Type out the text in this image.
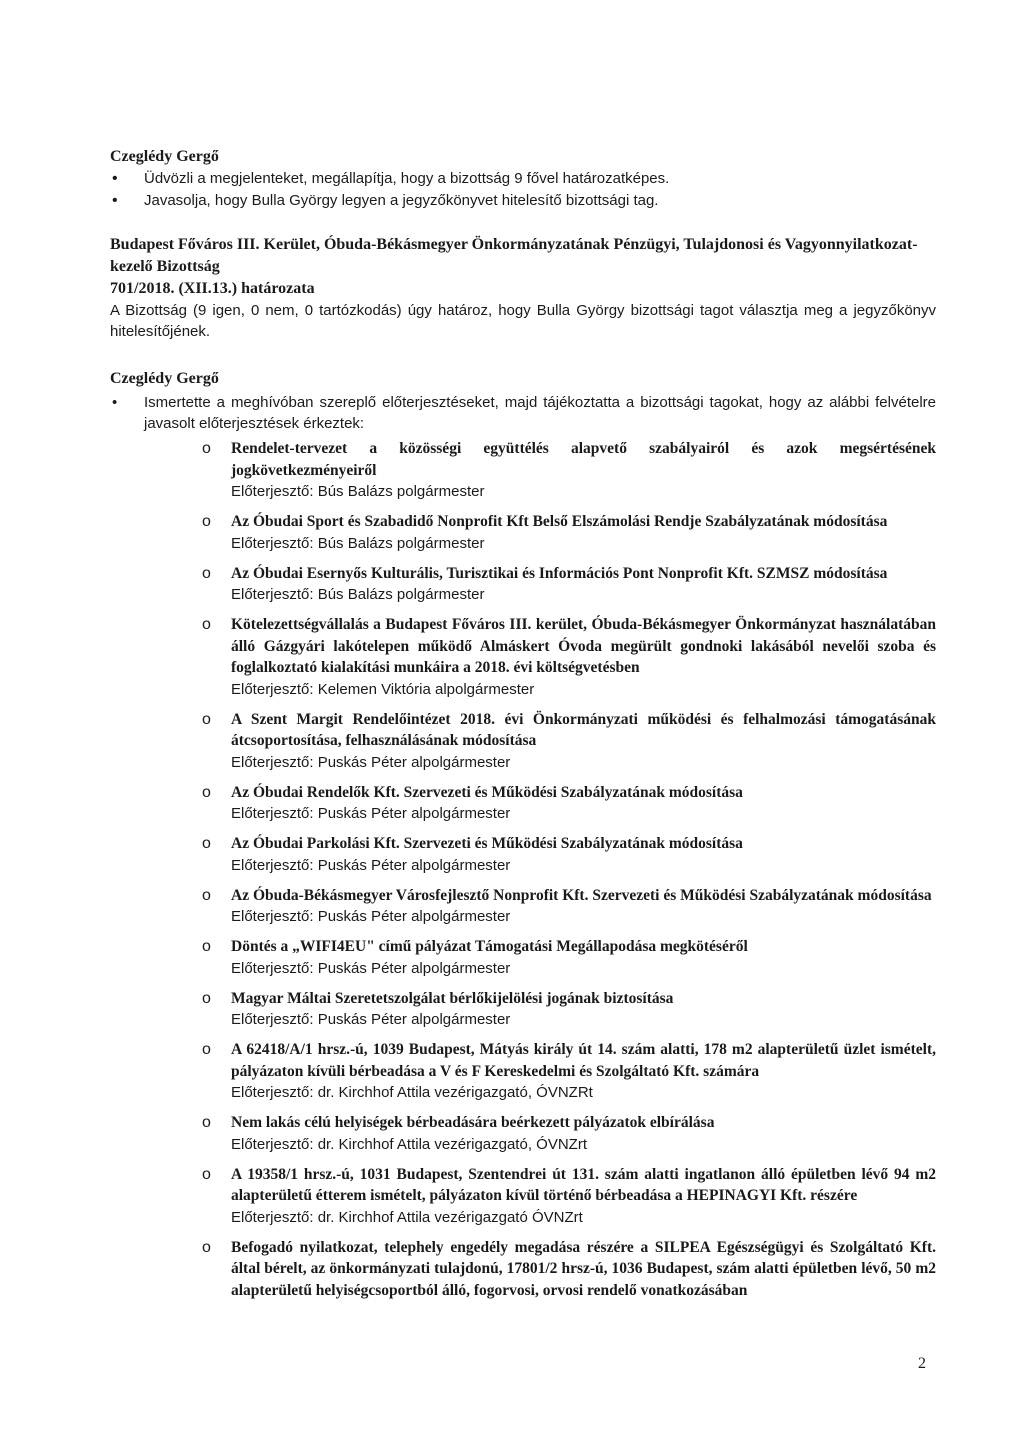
Czeglédy Gergő

• Üdvözli a megjelenteket, megállapítja, hogy a bizottság 9 fővel határozatképes.
• Javasolja, hogy Bulla György legyen a jegyzőkönyvet hitelesítő bizottsági tag.

Budapest Főváros III. Kerület, Óbuda-Békásmegyer Önkormányzatának Pénzügyi, Tulajdonosi és Vagyonnyilatkozat-kezelő Bizottság

701/2018. (XII.13.) határozata

A Bizottság (9 igen, 0 nem, 0 tartózkodás) úgy határoz, hogy Bulla György bizottsági tagot választja meg a jegyzőkönyv hitelesítőjének.

Czeglédy Gergő

• Ismertette a meghívóban szereplő előterjesztéseket, majd tájékoztatta a bizottsági tagokat, hogy az alábbi felvételre javasolt előterjesztések érkeztek:
o Rendelet-tervezet a közösségi együttélés alapvető szabályairól és azok megsértésének jogkövetkezményeiről
Előterjesztő: Bús Balázs polgármester
o Az Óbudai Sport és Szabadidő Nonprofit Kft Belső Elszámolási Rendje Szabályzatának módosítása
Előterjesztő: Bús Balázs polgármester
o Az Óbudai Esernyős Kulturális, Turisztikai és Információs Pont Nonprofit Kft. SZMSZ módosítása
Előterjesztő: Bús Balázs polgármester
o Kötelezettségvállalás a Budapest Főváros III. kerület, Óbuda-Békásmegyer Önkormányzat használatában álló Gázgyári lakótelepen működő Almáskert Óvoda megürült gondnoki lakásából nevelői szoba és foglalkoztató kialakítási munkáira a 2018. évi költségvetésben
Előterjesztő: Kelemen Viktória alpolgármester
o A Szent Margit Rendelőintézet 2018. évi Önkormányzati működési és felhalmozási támogatásának átcsoportosítása, felhasználásának módosítása
Előterjesztő: Puskás Péter alpolgármester
o Az Óbudai Rendelők Kft. Szervezeti és Működési Szabályzatának módosítása
Előterjesztő: Puskás Péter alpolgármester
o Az Óbudai Parkolási Kft. Szervezeti és Működési Szabályzatának módosítása
Előterjesztő: Puskás Péter alpolgármester
o Az Óbuda-Békásmegyer Városfejlesztő Nonprofit Kft. Szervezeti és Működési Szabályzatának módosítása
Előterjesztő: Puskás Péter alpolgármester
o Döntés a „WIFI4EU" című pályázat Támogatási Megállapodása megkötéséről
Előterjesztő: Puskás Péter alpolgármester
o Magyar Máltai Szeretetszolgálat bérlőkijelölési jogának biztosítása
Előterjesztő: Puskás Péter alpolgármester
o A 62418/A/1 hrsz.-ú, 1039 Budapest, Mátyás király út 14. szám alatti, 178 m2 alapterületű üzlet ismételt, pályázaton kívüli bérbeadása a V és F Kereskedelmi és Szolgáltató Kft. számára
Előterjesztő: dr. Kirchhof Attila vezérigazgató, ÓVNZRt
o Nem lakás célú helyiségek bérbeadására beérkezett pályázatok elbírálása
Előterjesztő: dr. Kirchhof Attila vezérigazgató, ÓVNZrt
o A 19358/1 hrsz.-ú, 1031 Budapest, Szentendrei út 131. szám alatti ingatlanon álló épületben lévő 94 m2 alapterületű étterem ismételt, pályázaton kívül történő bérbeadása a HEPINAGYI Kft. részére
Előterjesztő: dr. Kirchhof Attila vezérigazgató ÓVNZrt
o Befogadó nyilatkozat, telephely engedély megadása részére a SILPEA Egészségügyi és Szolgáltató Kft. által bérelt, az önkormányzati tulajdonú, 17801/2 hrsz-ú, 1036 Budapest, szám alatti épületben lévő, 50 m2 alapterületű helyiségcsoportból álló, fogorvosi, orvosi rendelő vonatkozásában
2
